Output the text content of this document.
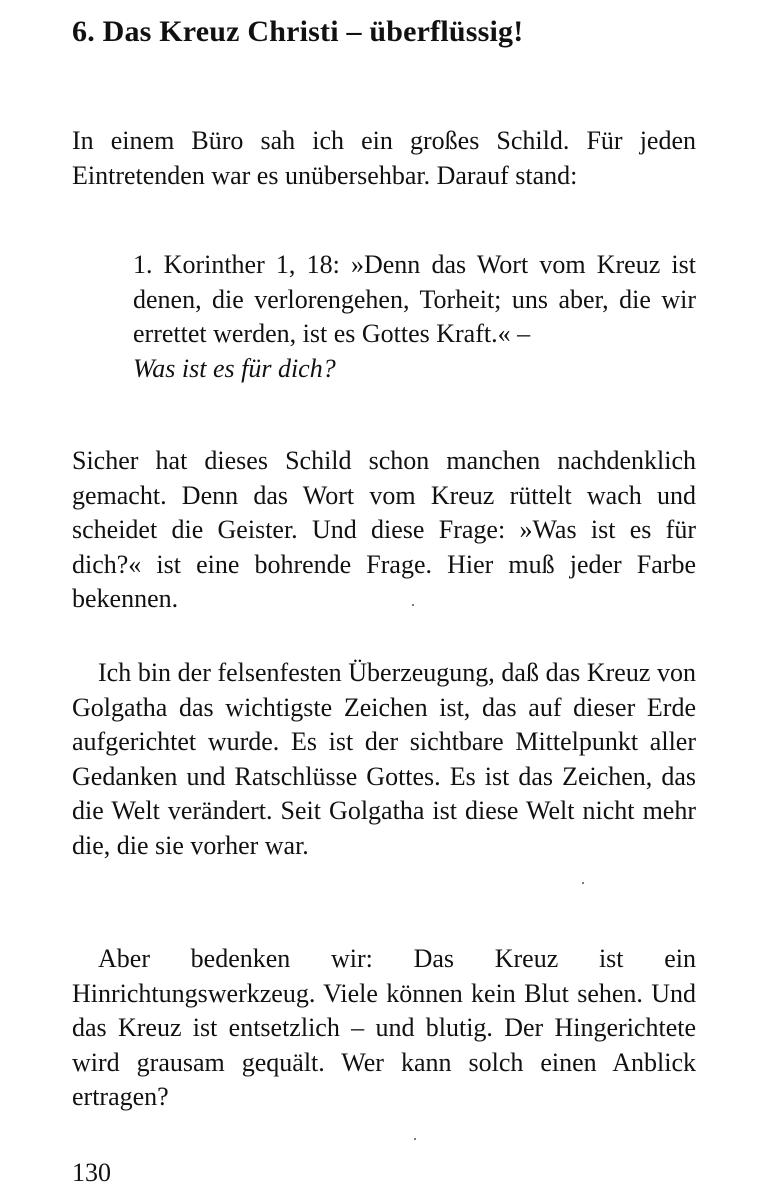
6. Das Kreuz Christi – überflüssig!

In einem Büro sah ich ein großes Schild. Für jeden Eintretenden war es unübersehbar. Darauf stand:

1. Korinther 1, 18: »Denn das Wort vom Kreuz ist denen, die verlorengehen, Torheit; uns aber, die wir errettet werden, ist es Gottes Kraft.« –
Was ist es für dich?

Sicher hat dieses Schild schon manchen nachdenklich gemacht. Denn das Wort vom Kreuz rüttelt wach und scheidet die Geister. Und diese Frage: »Was ist es für dich?« ist eine bohrende Frage. Hier muß jeder Farbe bekennen.

Ich bin der felsenfesten Überzeugung, daß das Kreuz von Golgatha das wichtigste Zeichen ist, das auf dieser Erde aufgerichtet wurde. Es ist der sichtbare Mittelpunkt aller Gedanken und Ratschlüsse Gottes. Es ist das Zeichen, das die Welt verändert. Seit Golgatha ist diese Welt nicht mehr die, die sie vorher war.

Aber bedenken wir: Das Kreuz ist ein Hinrichtungswerkzeug. Viele können kein Blut sehen. Und das Kreuz ist entsetzlich – und blutig. Der Hingerichtete wird grausam gequält. Wer kann solch einen Anblick ertragen?

130
